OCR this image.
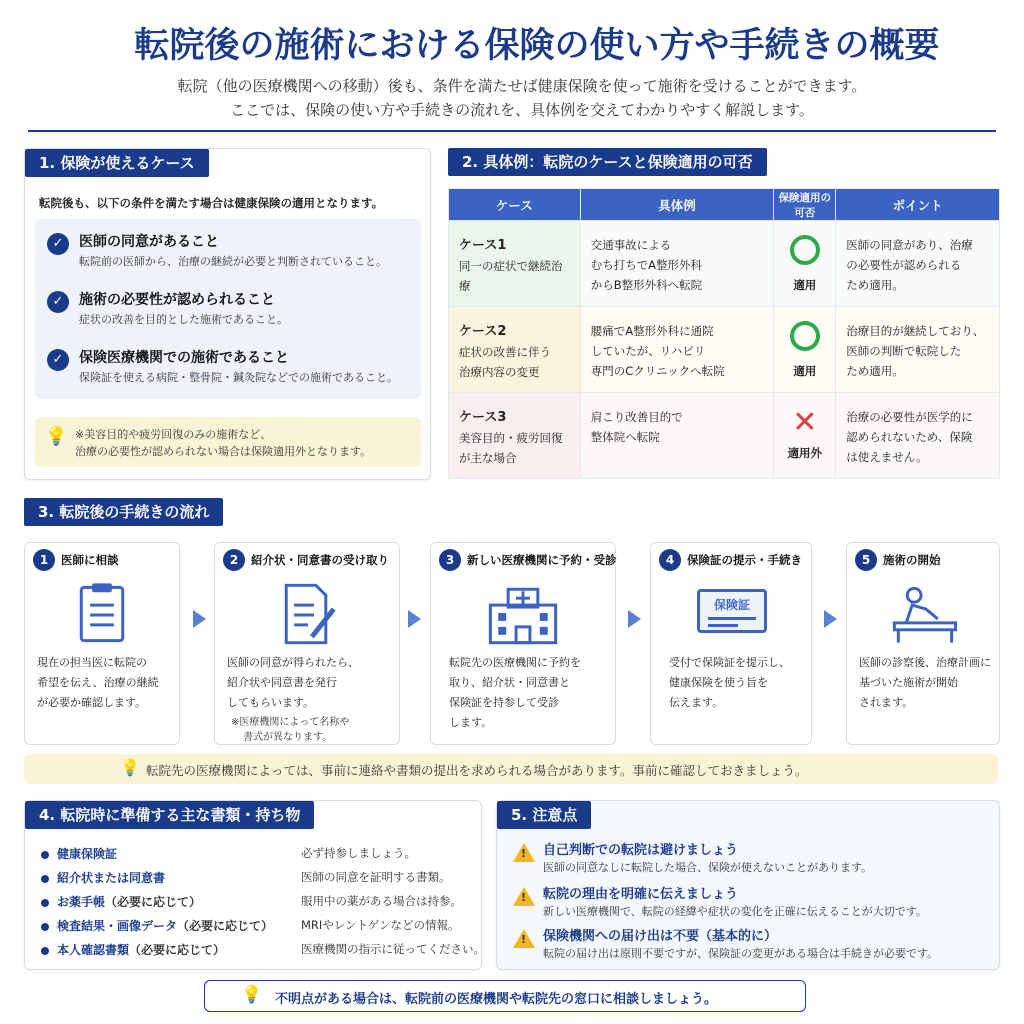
転院後の施術における保険の使い方や手続きの概要
転院（他の医療機関への移動）後も、条件を満たせば健康保険を使って施術を受けることができます。
ここでは、保険の使い方や手続きの流れを、具体例を交えてわかりやすく解説します。
1. 保険が使えるケース
転院後も、以下の条件を満たす場合は健康保険の適用となります。
✓	医師の同意があること
転院前の医師から、治療の継続が必要と判断されていること。
✓	施術の必要性が認められること
症状の改善を目的とした施術であること。
✓	保険医療機関での施術であること
保険証を使える病院・整骨院・鍼灸院などでの施術であること。
💡 ※美容目的や疲労回復のみの施術など、
治療の必要性が認められない場合は保険適用外となります。
2. 具体例：転院のケースと保険適用の可否
ケース	具体例	保険適用の可否	ポイント
ケース1
同一の症状で継続治療	交通事故による
むち打ちでA整形外科
からB整形外科へ転院	適用	医師の同意があり、治療
の必要性が認められる
ため適用。
ケース2
症状の改善に伴う
治療内容の変更	腰痛でA整形外科に通院
していたが、リハビリ
専門のCクリニックへ転院	適用	治療目的が継続しており、
医師の判断で転院した
ため適用。
ケース3
美容目的・疲労回復
が主な場合	肩こり改善目的で
整体院へ転院	✕
適用外	治療の必要性が医学的に
認められないため、保険
は使えません。
3. 転院後の手続きの流れ
1	医師に相談
現在の担当医に転院の
希望を伝え、治療の継続
が必要か確認します。
2	紹介状・同意書の受け取り
医師の同意が得られたら、
紹介状や同意書を発行
してもらいます。
※医療機関によって名称や
書式が異なります。
3	新しい医療機関に予約・受診
転院先の医療機関に予約を
取り、紹介状・同意書と
保険証を持参して受診
します。
4	保険証の提示・手続き
保険証
受付で保険証を提示し、
健康保険を使う旨を
伝えます。
5	施術の開始
医師の診察後、治療計画に
基づいた施術が開始
されます。
💡 転院先の医療機関によっては、事前に連絡や書類の提出を求められる場合があります。事前に確認しておきましょう。
4. 転院時に準備する主な書類・持ち物
健康保険証	必ず持参しましょう。
紹介状または同意書	医師の同意を証明する書類。
お薬手帳（必要に応じて）	服用中の薬がある場合は持参。
検査結果・画像データ（必要に応じて） MRIやレントゲンなどの情報。
本人確認書類（必要に応じて）	医療機関の指示に従ってください。
5. 注意点
! 自己判断での転院は避けましょう
医師の同意なしに転院した場合、保険が使えないことがあります。
! 転院の理由を明確に伝えましょう
新しい医療機関で、転院の経緯や症状の変化を正確に伝えることが大切です。
! 保険機関への届け出は不要（基本的に）
転院の届け出は原則不要ですが、保険証の変更がある場合は手続きが必要です。
💡 不明点がある場合は、転院前の医療機関や転院先の窓口に相談しましょう。
